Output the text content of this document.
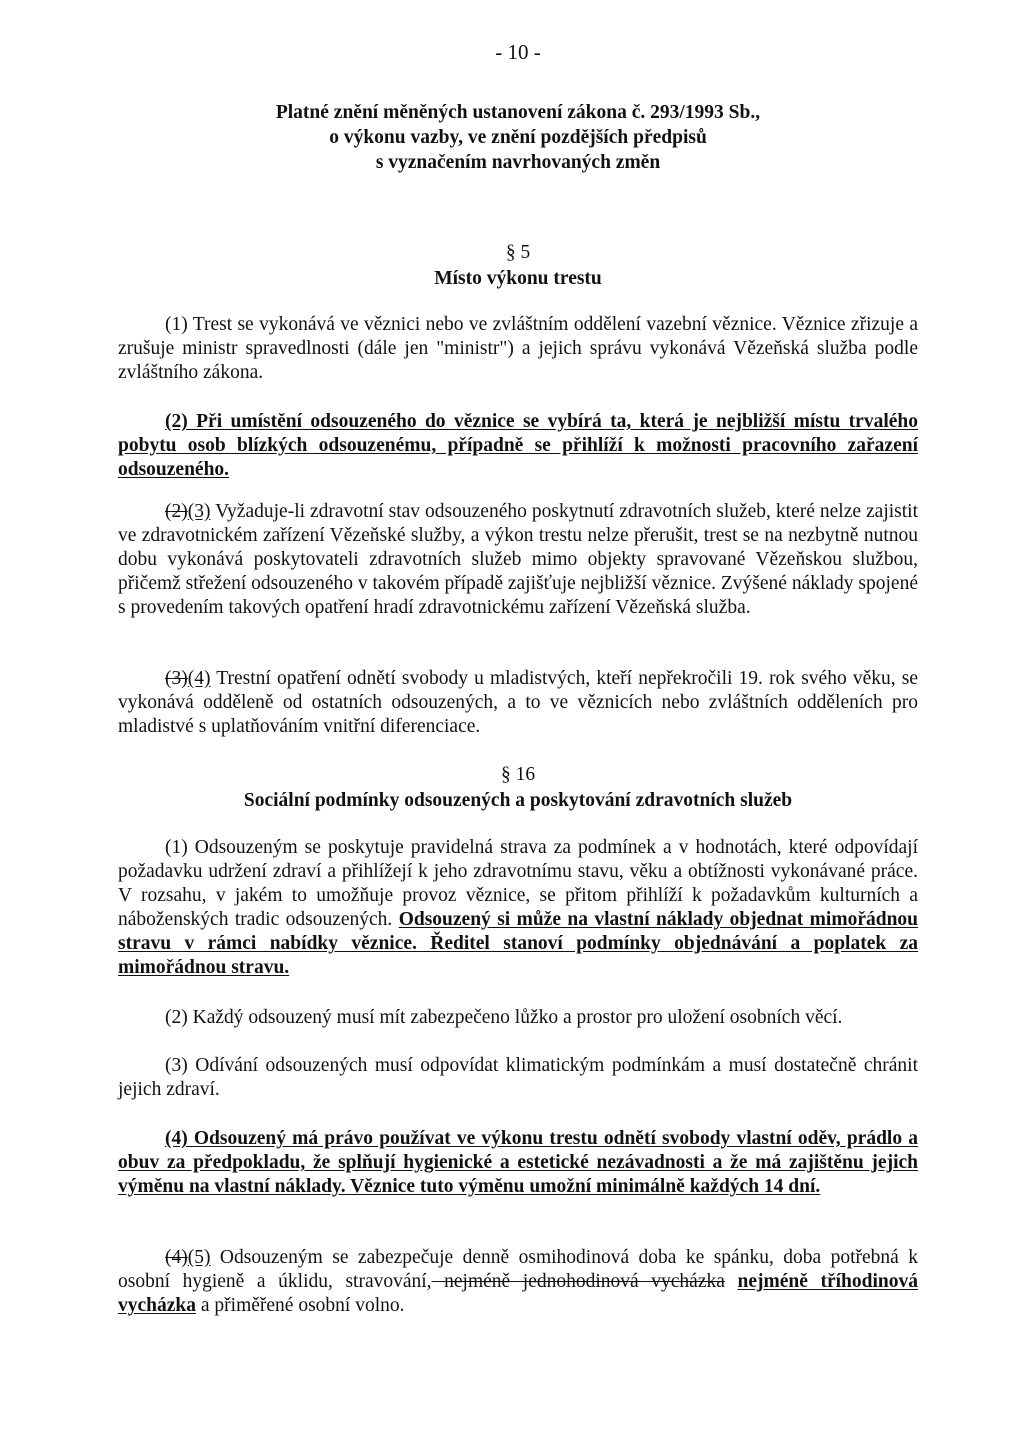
- 10 -
Platné znění měněných ustanovení zákona č. 293/1993 Sb.,
o výkonu vazby, ve znění pozdějších předpisů
s vyznačením navrhovaných změn
§ 5
Místo výkonu trestu
(1) Trest se vykonává ve věznici nebo ve zvláštním oddělení vazební věznice. Věznice zřizuje a zrušuje ministr spravedlnosti (dále jen "ministr") a jejich správu vykonává Vězeňská služba podle zvláštního zákona.
(2) Při umístění odsouzeného do věznice se vybírá ta, která je nejbližší místu trvalého pobytu osob blízkých odsouzenému, případně se přihlíží k možnosti pracovního zařazení odsouzeného.
(2)(3) Vyžaduje-li zdravotní stav odsouzeného poskytnutí zdravotních služeb, které nelze zajistit ve zdravotnickém zařízení Vězeňské služby, a výkon trestu nelze přerušit, trest se na nezbytně nutnou dobu vykonává poskytovateli zdravotních služeb mimo objekty spravované Vězeňskou službou, přičemž střežení odsouzeného v takovém případě zajišťuje nejbližší věznice. Zvýšené náklady spojené s provedením takových opatření hradí zdravotnickému zařízení Vězeňská služba.
(3)(4) Trestní opatření odnětí svobody u mladistvých, kteří nepřekročili 19. rok svého věku, se vykonává odděleně od ostatních odsouzených, a to ve věznicích nebo zvláštních odděleních pro mladistvé s uplatňováním vnitřní diferenciace.
§ 16
Sociální podmínky odsouzených a poskytování zdravotních služeb
(1) Odsouzeným se poskytuje pravidelná strava za podmínek a v hodnotách, které odpovídají požadavku udržení zdraví a přihlížejí k jeho zdravotnímu stavu, věku a obtížnosti vykonávané práce. V rozsahu, v jakém to umožňuje provoz věznice, se přitom přihlíží k požadavkům kulturních a náboženských tradic odsouzených. Odsouzený si může na vlastní náklady objednat mimořádnou stravu v rámci nabídky věznice. Ředitel stanoví podmínky objednávání a poplatek za mimořádnou stravu.
(2) Každý odsouzený musí mít zabezpečeno lůžko a prostor pro uložení osobních věcí.
(3) Odívání odsouzených musí odpovídat klimatickým podmínkám a musí dostatečně chránit jejich zdraví.
(4) Odsouzený má právo používat ve výkonu trestu odnětí svobody vlastní oděv, prádlo a obuv za předpokladu, že splňují hygienické a estetické nezávadnosti a že má zajištěnu jejich výměnu na vlastní náklady. Věznice tuto výměnu umožní minimálně každých 14 dní.
(4)(5) Odsouzeným se zabezpečuje denně osmihodinová doba ke spánku, doba potřebná k osobní hygieně a úklidu, stravování, nejméně jednohodinová vycházka nejméně tříhodinová vycházka a přiměřené osobní volno.
